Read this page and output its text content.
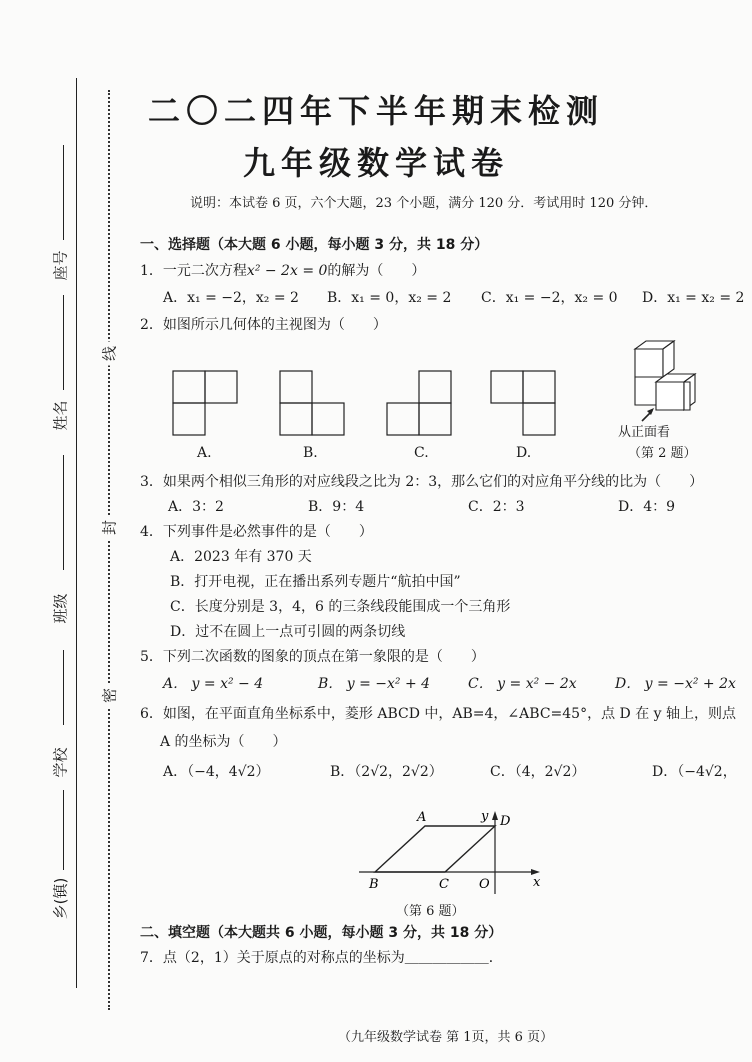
座号
姓名
班级
学校
乡(镇)
线
封
密
二〇二四年下半年期末检测
九年级数学试卷
说明：本试卷 6 页，六个大题，23 个小题，满分 120 分．考试用时 120 分钟．
一、选择题（本大题 6 小题，每小题 3 分，共 18 分）
1．一元二次方程x² − 2x = 0的解为（　　）
A．x₁ = −2，x₂ = 2 B．x₁ = 0，x₂ = 2 C．x₁ = −2，x₂ = 0 D．x₁ = x₂ = 2
2．如图所示几何体的主视图为（　　）
A.	B.	C.	D.
从正面看
（第 2 题）
3．如果两个相似三角形的对应线段之比为 2：3，那么它们的对应角平分线的比为（　　）
A．3：2	B．9：4	C．2：3	D．4：9
4．下列事件是必然事件的是（　　）
A．2023 年有 370 天
B．打开电视，正在播出系列专题片“航拍中国”
C．长度分别是 3，4，6 的三条线段能围成一个三角形
D．过不在圆上一点可引圆的两条切线
5．下列二次函数的图象的顶点在第一象限的是（　　）
A． y = x² − 4	B． y = −x² + 4	C． y = x² − 2x	D． y = −x² + 2x
6．如图，在平面直角坐标系中，菱形 ABCD 中，AB=4，∠ABC=45°，点 D 在 y 轴上，则点
A 的坐标为（　　）
A．（−4，4√2）	B．（2√2，2√2）	C．（4，2√2）	D．（−4√2，
A
B	C
D
O	x
y
（第 6 题）
二、填空题（本大题共 6 小题，每小题 3 分，共 18 分）
7．点（2，1）关于原点的对称点的坐标为＿＿＿＿＿＿．
（九年级数学试卷 第 1页，共 6 页）
